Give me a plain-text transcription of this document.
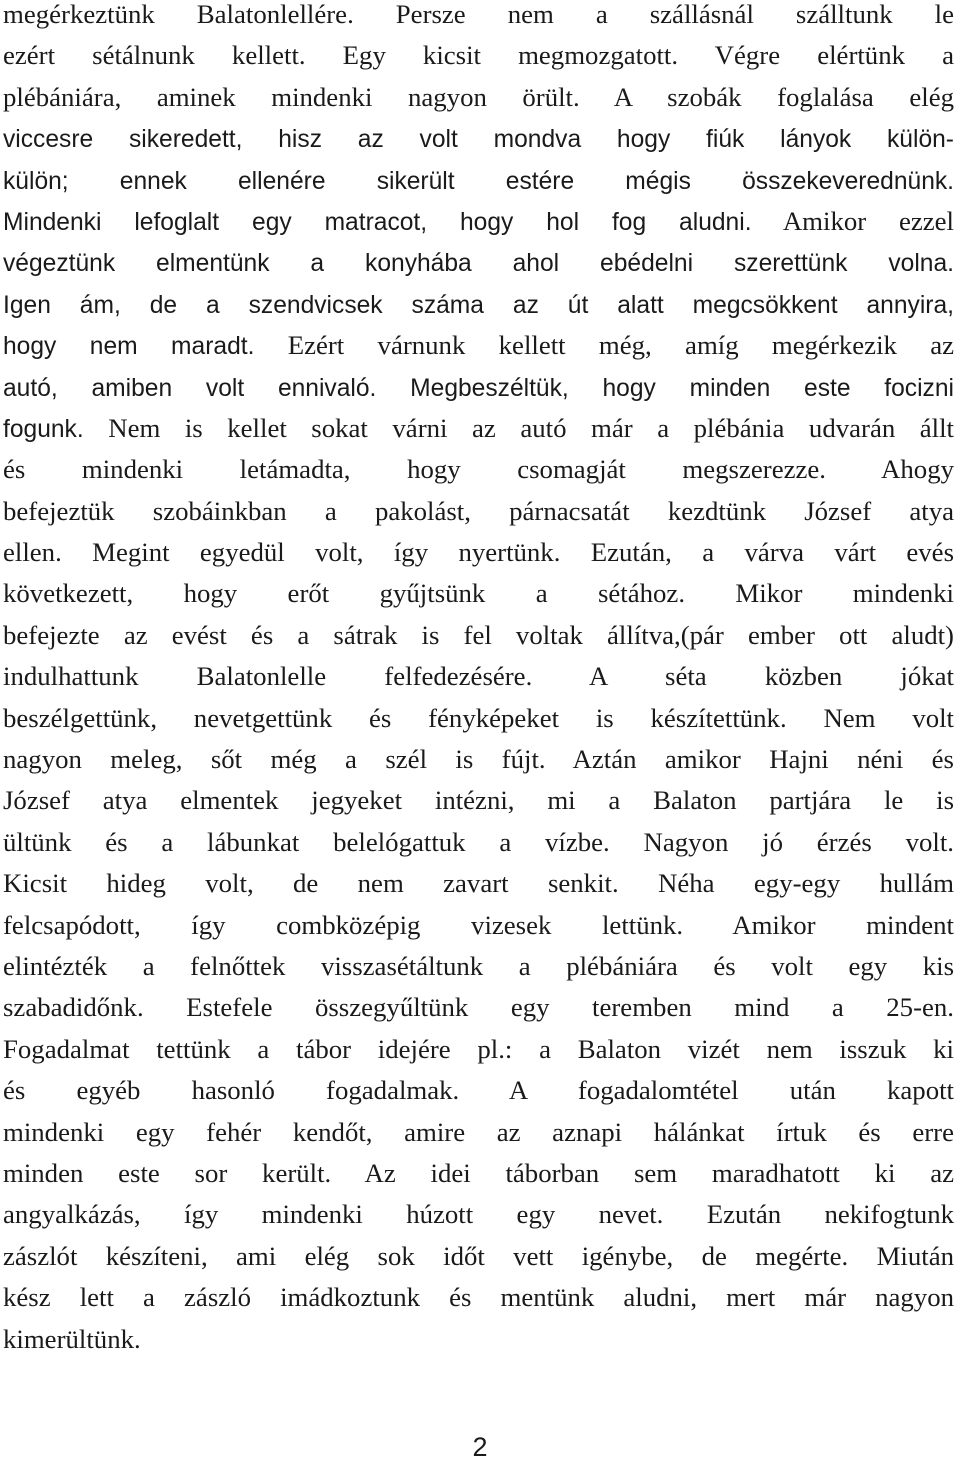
megérkeztünk Balatonlellére. Persze nem a szállásnál szálltunk le
ezért sétálnunk kellett. Egy kicsit megmozgatott. Végre elértünk a
plébániára, aminek mindenki nagyon örült. A szobák foglalása elég
viccesre sikeredett, hisz az volt mondva hogy fiúk lányok külön-
külön; ennek ellenére sikerült estére mégis összekeverednünk.
Mindenki lefoglalt egy matracot, hogy hol fog aludni. Amikor ezzel
végeztünk elmentünk a konyhába ahol ebédelni szerettünk volna.
Igen ám, de a szendvicsek száma az út alatt megcsökkent annyira,
hogy nem maradt. Ezért várnunk kellett még, amíg megérkezik az
autó, amiben volt ennivaló. Megbeszéltük, hogy minden este focizni
fogunk. Nem is kellet sokat várni az autó már a plébánia udvarán állt
és mindenki letámadta, hogy csomagját megszerezze. Ahogy
befejeztük szobáinkban a pakolást, párnacsatát kezdtünk József atya
ellen. Megint egyedül volt, így nyertünk. Ezután, a várva várt evés
következett, hogy erőt gyűjtsünk a sétához. Mikor mindenki
befejezte az evést és a sátrak is fel voltak állítva,(pár ember ott aludt)
indulhattunk Balatonlelle felfedezésére. A séta közben jókat
beszélgettünk, nevetgettünk és fényképeket is készítettünk. Nem volt
nagyon meleg, sőt még a szél is fújt. Aztán amikor Hajni néni és
József atya elmentek jegyeket intézni, mi a Balaton partjára le is
ültünk és a lábunkat belelógattuk a vízbe. Nagyon jó érzés volt.
Kicsit hideg volt, de nem zavart senkit. Néha egy-egy hullám
felcsapódott, így combközépig vizesek lettünk. Amikor mindent
elintézték a felnőttek visszasétáltunk a plébániára és volt egy kis
szabadidőnk. Estefele összegyűltünk egy teremben mind a 25-en.
Fogadalmat tettünk a tábor idejére pl.: a Balaton vizét nem isszuk ki
és egyéb hasonló fogadalmak. A fogadalomtétel után kapott
mindenki egy fehér kendőt, amire az aznapi hálánkat írtuk és erre
minden este sor került. Az idei táborban sem maradhatott ki az
angyalkázás, így mindenki húzott egy nevet. Ezután nekifogtunk
zászlót készíteni, ami elég sok időt vett igénybe, de megérte. Miután
kész lett a zászló imádkoztunk és mentünk aludni, mert már nagyon
kimerültünk.
2
